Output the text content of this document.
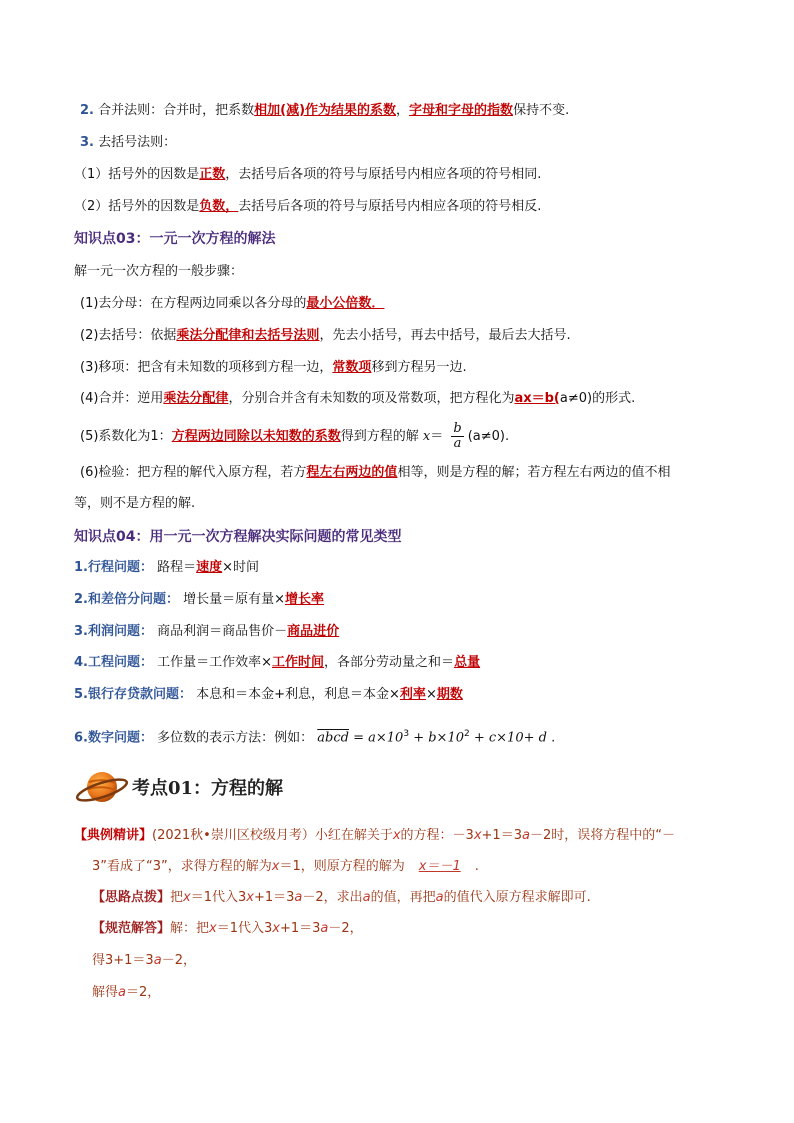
2. 合并法则：合并时，把系数相加(减)作为结果的系数，字母和字母的指数保持不变.
3. 去括号法则：
（1）括号外的因数是正数，去括号后各项的符号与原括号内相应各项的符号相同.
（2）括号外的因数是负数，去括号后各项的符号与原括号内相应各项的符号相反.
知识点03：一元一次方程的解法
解一元一次方程的一般步骤：
(1)去分母：在方程两边同乘以各分母的最小公倍数．
(2)去括号：依据乘法分配律和去括号法则，先去小括号，再去中括号，最后去大括号.
(3)移项：把含有未知数的项移到方程一边，常数项移到方程另一边.
(4)合并：逆用乘法分配律，分别合并含有未知数的项及常数项，把方程化为ax＝b(a≠0)的形式.
(5)系数化为1：方程两边同除以未知数的系数得到方程的解 $x= \frac{b}{a} (a\ne 0)$.
(6)检验：把方程的解代入原方程，若方程左右两边的值相等，则是方程的解；若方程左右两边的值不相
等，则不是方程的解.
知识点04：用一元一次方程解决实际问题的常见类型
1.行程问题： 路程＝速度×时间
2.和差倍分问题： 增长量＝原有量×增长率
3.利润问题： 商品利润＝商品售价－商品进价
4.工程问题： 工作量＝工作效率×工作时间，各部分劳动量之和＝总量
5.银行存贷款问题： 本息和＝本金+利息，利息＝本金×利率×期数
6.数字问题： 多位数的表示方法：例如： abcd = $a\times 10^3 + b\times 10^2 + c\times 10+ d$ .
考点01：方程的解
【典例精讲】(2021秋•崇川区校级月考）小红在解关于x的方程：－3x+1＝3a－2时，误将方程中的“－
3”看成了“3”，求得方程的解为x＝1，则原方程的解为 x＝－1 .
【思路点拨】把x＝1代入3x+1＝3a－2，求出a的值，再把a的值代入原方程求解即可.
【规范解答】解：把x＝1代入3x+1＝3a－2，
得3+1＝3a－2，
解得a＝2，
